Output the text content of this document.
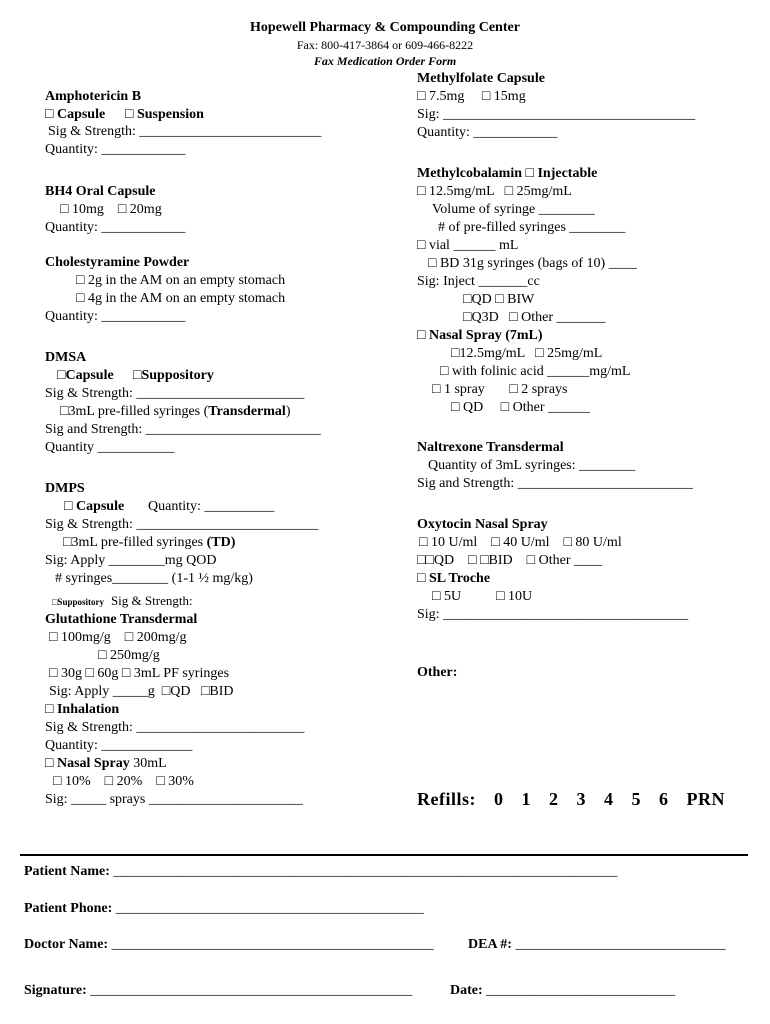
Hopewell Pharmacy & Compounding Center
Fax: 800-417-3864 or 609-466-8222
Fax Medication Order Form
Amphotericin B
□ Capsule □ Suspension
Sig & Strength: __________________________
Quantity: ____________
BH4 Oral Capsule
□ 10mg    □ 20mg
Quantity: ____________
Cholestyramine Powder
□ 2g in the AM on an empty stomach
□ 4g in the AM on an empty stomach
Quantity: ____________
DMSA
□Capsule □Suppository
Sig & Strength: ________________________
□3mL pre-filled syringes (Transdermal)
Sig and Strength: _________________________
Quantity ___________
DMPS
□ Capsule Quantity: __________
Sig & Strength: __________________________
□3mL pre-filled syringes (TD)
Sig: Apply ________mg QOD
# syringes________ (1-1 ½ mg/kg)
□Suppository Sig & Strength:
Glutathione Transdermal
□ 100mg/g    □ 200mg/g
□ 250mg/g
□ 30g □ 60g □ 3mL PF syringes
Sig: Apply _____g  □QD   □BID
□ Inhalation
Sig & Strength: ________________________
Quantity: _____________
□ Nasal Spray 30mL
□ 10%    □ 20%    □ 30%
Sig: _____ sprays ______________________
Methylfolate Capsule
□ 7.5mg     □ 15mg
Sig: ____________________________________
Quantity: ____________
Methylcobalamin □ Injectable
□ 12.5mg/mL   □ 25mg/mL
Volume of syringe ________
# of pre-filled syringes ________
□ vial ______ mL
□ BD 31g syringes (bags of 10) ____
Sig: Inject _______cc
□QD □ BIW
□Q3D   □ Other _______
□ Nasal Spray (7mL)
□12.5mg/mL   □ 25mg/mL
□ with folinic acid ______mg/mL
□ 1 spray       □ 2 sprays
□ QD     □ Other ______
Naltrexone Transdermal
Quantity of 3mL syringes: ________
Sig and Strength: _________________________
Oxytocin Nasal Spray
□ 10 U/ml    □ 40 U/ml    □ 80 U/ml
□□QD    □ □BID    □ Other ____
□ SL Troche
□ 5U          □ 10U
Sig: ___________________________________
Other:
Refills: 0 1 2 3 4 5 6 PRN
Patient Name: ________________________________________________________________________
Patient Phone: ____________________________________________
Doctor Name: ______________________________________________ DEA #: ______________________________
Signature: ______________________________________________	Date: ___________________________
